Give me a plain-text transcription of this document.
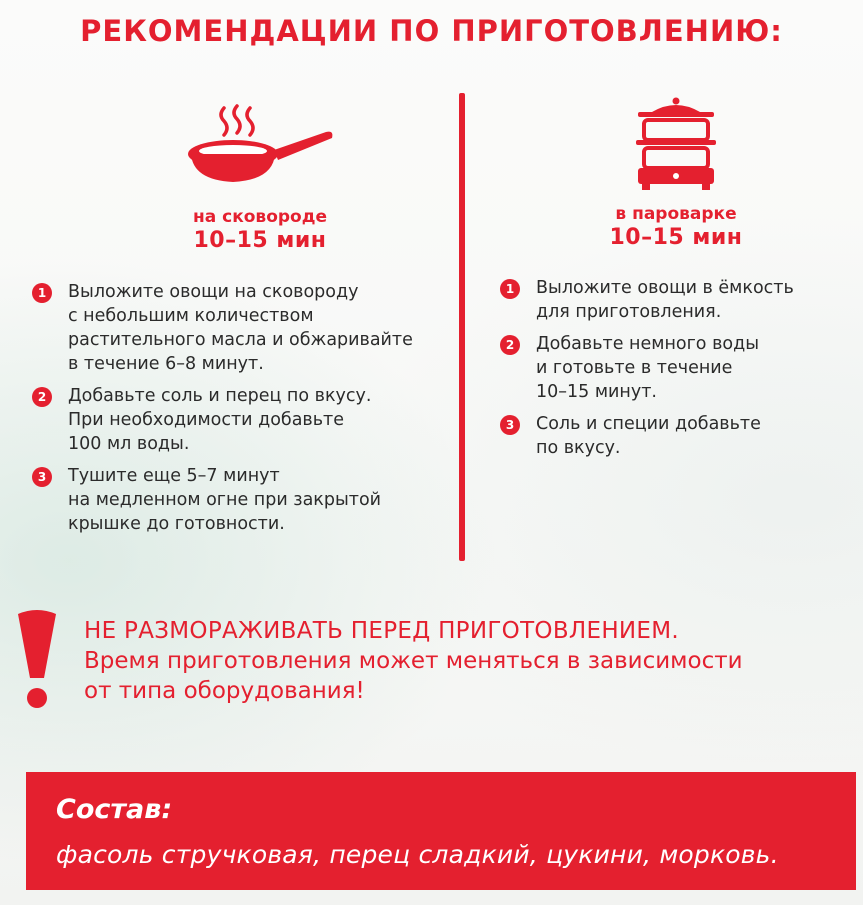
РЕКОМЕНДАЦИИ ПО ПРИГОТОВЛЕНИЮ:
на сковороде
10–15 мин
1	Выложите овощи на сковороду
с небольшим количеством
растительного масла и обжаривайте
в течение 6–8 минут.
2	Добавьте соль и перец по вкусу.
При необходимости добавьте
100 мл воды.
3	Тушите еще 5–7 минут
на медленном огне при закрытой
крышке до готовности.
в пароварке
10–15 мин
1	Выложите овощи в ёмкость
для приготовления.
2	Добавьте немного воды
и готовьте в течение
10–15 минут.
3	Соль и специи добавьте
по вкусу.
НЕ РАЗМОРАЖИВАТЬ ПЕРЕД ПРИГОТОВЛЕНИЕМ.
Время приготовления может меняться в зависимости
от типа оборудования!
Состав:
фасоль стручковая, перец сладкий, цукини, морковь.
